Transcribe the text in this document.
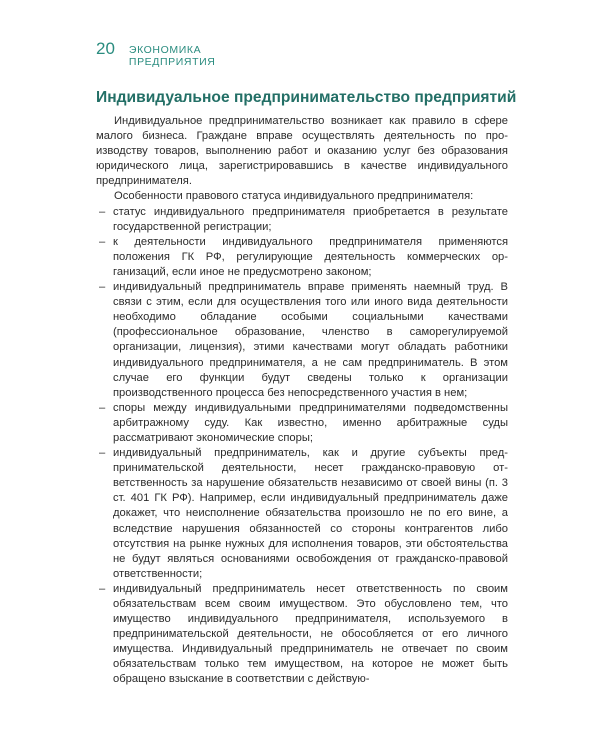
20 ЭКОНОМИКА
ПРЕДПРИЯТИЯ
Индивидуальное предпринимательство предприятий

Индивидуальное предпринимательство возникает как правило в сфере малого бизнеса. Граждане вправе осуществлять деятельность по производству товаров, выполнению работ и оказанию услуг без образования юридического лица, зарегистрировавшись в качестве индивидуального предпринимателя.

Особенности правового статуса индивидуального предпринимателя:

– статус индивидуального предпринимателя приобретается в результате государственной регистрации;
– к деятельности индивидуального предпринимателя применяются положения ГК РФ, регулирующие деятельность коммерческих организаций, если иное не предусмотрено законом;
– индивидуальный предприниматель вправе применять наемный труд. В связи с этим, если для осуществления того или иного вида деятельности необходимо обладание особыми социальными качествами (профессиональное образование, членство в саморегулируемой организации, лицензия), этими качествами могут обладать работники индивидуального предпринимателя, а не сам предприниматель. В этом случае его функции будут сведены только к организации производственного процесса без непосредственного участия в нем;
– споры между индивидуальными предпринимателями подведомственны арбитражному суду. Как известно, именно арбитражные суды рассматривают экономические споры;
– индивидуальный предприниматель, как и другие субъекты предпринимательской деятельности, несет гражданско-правовую ответственность за нарушение обязательств независимо от своей вины (п. 3 ст. 401 ГК РФ). Например, если индивидуальный предприниматель даже докажет, что неисполнение обязательства произошло не по его вине, а вследствие нарушения обязанностей со стороны контрагентов либо отсутствия на рынке нужных для исполнения товаров, эти обстоятельства не будут являться основаниями освобождения от гражданско-правовой ответственности;
– индивидуальный предприниматель несет ответственность по своим обязательствам всем своим имуществом. Это обусловлено тем, что имущество индивидуального предпринимателя, используемого в предпринимательской деятельности, не обособляется от его личного имущества. Индивидуальный предприниматель не отвечает по своим обязательствам только тем имуществом, на которое не может быть обращено взыскание в соответствии с действую-
